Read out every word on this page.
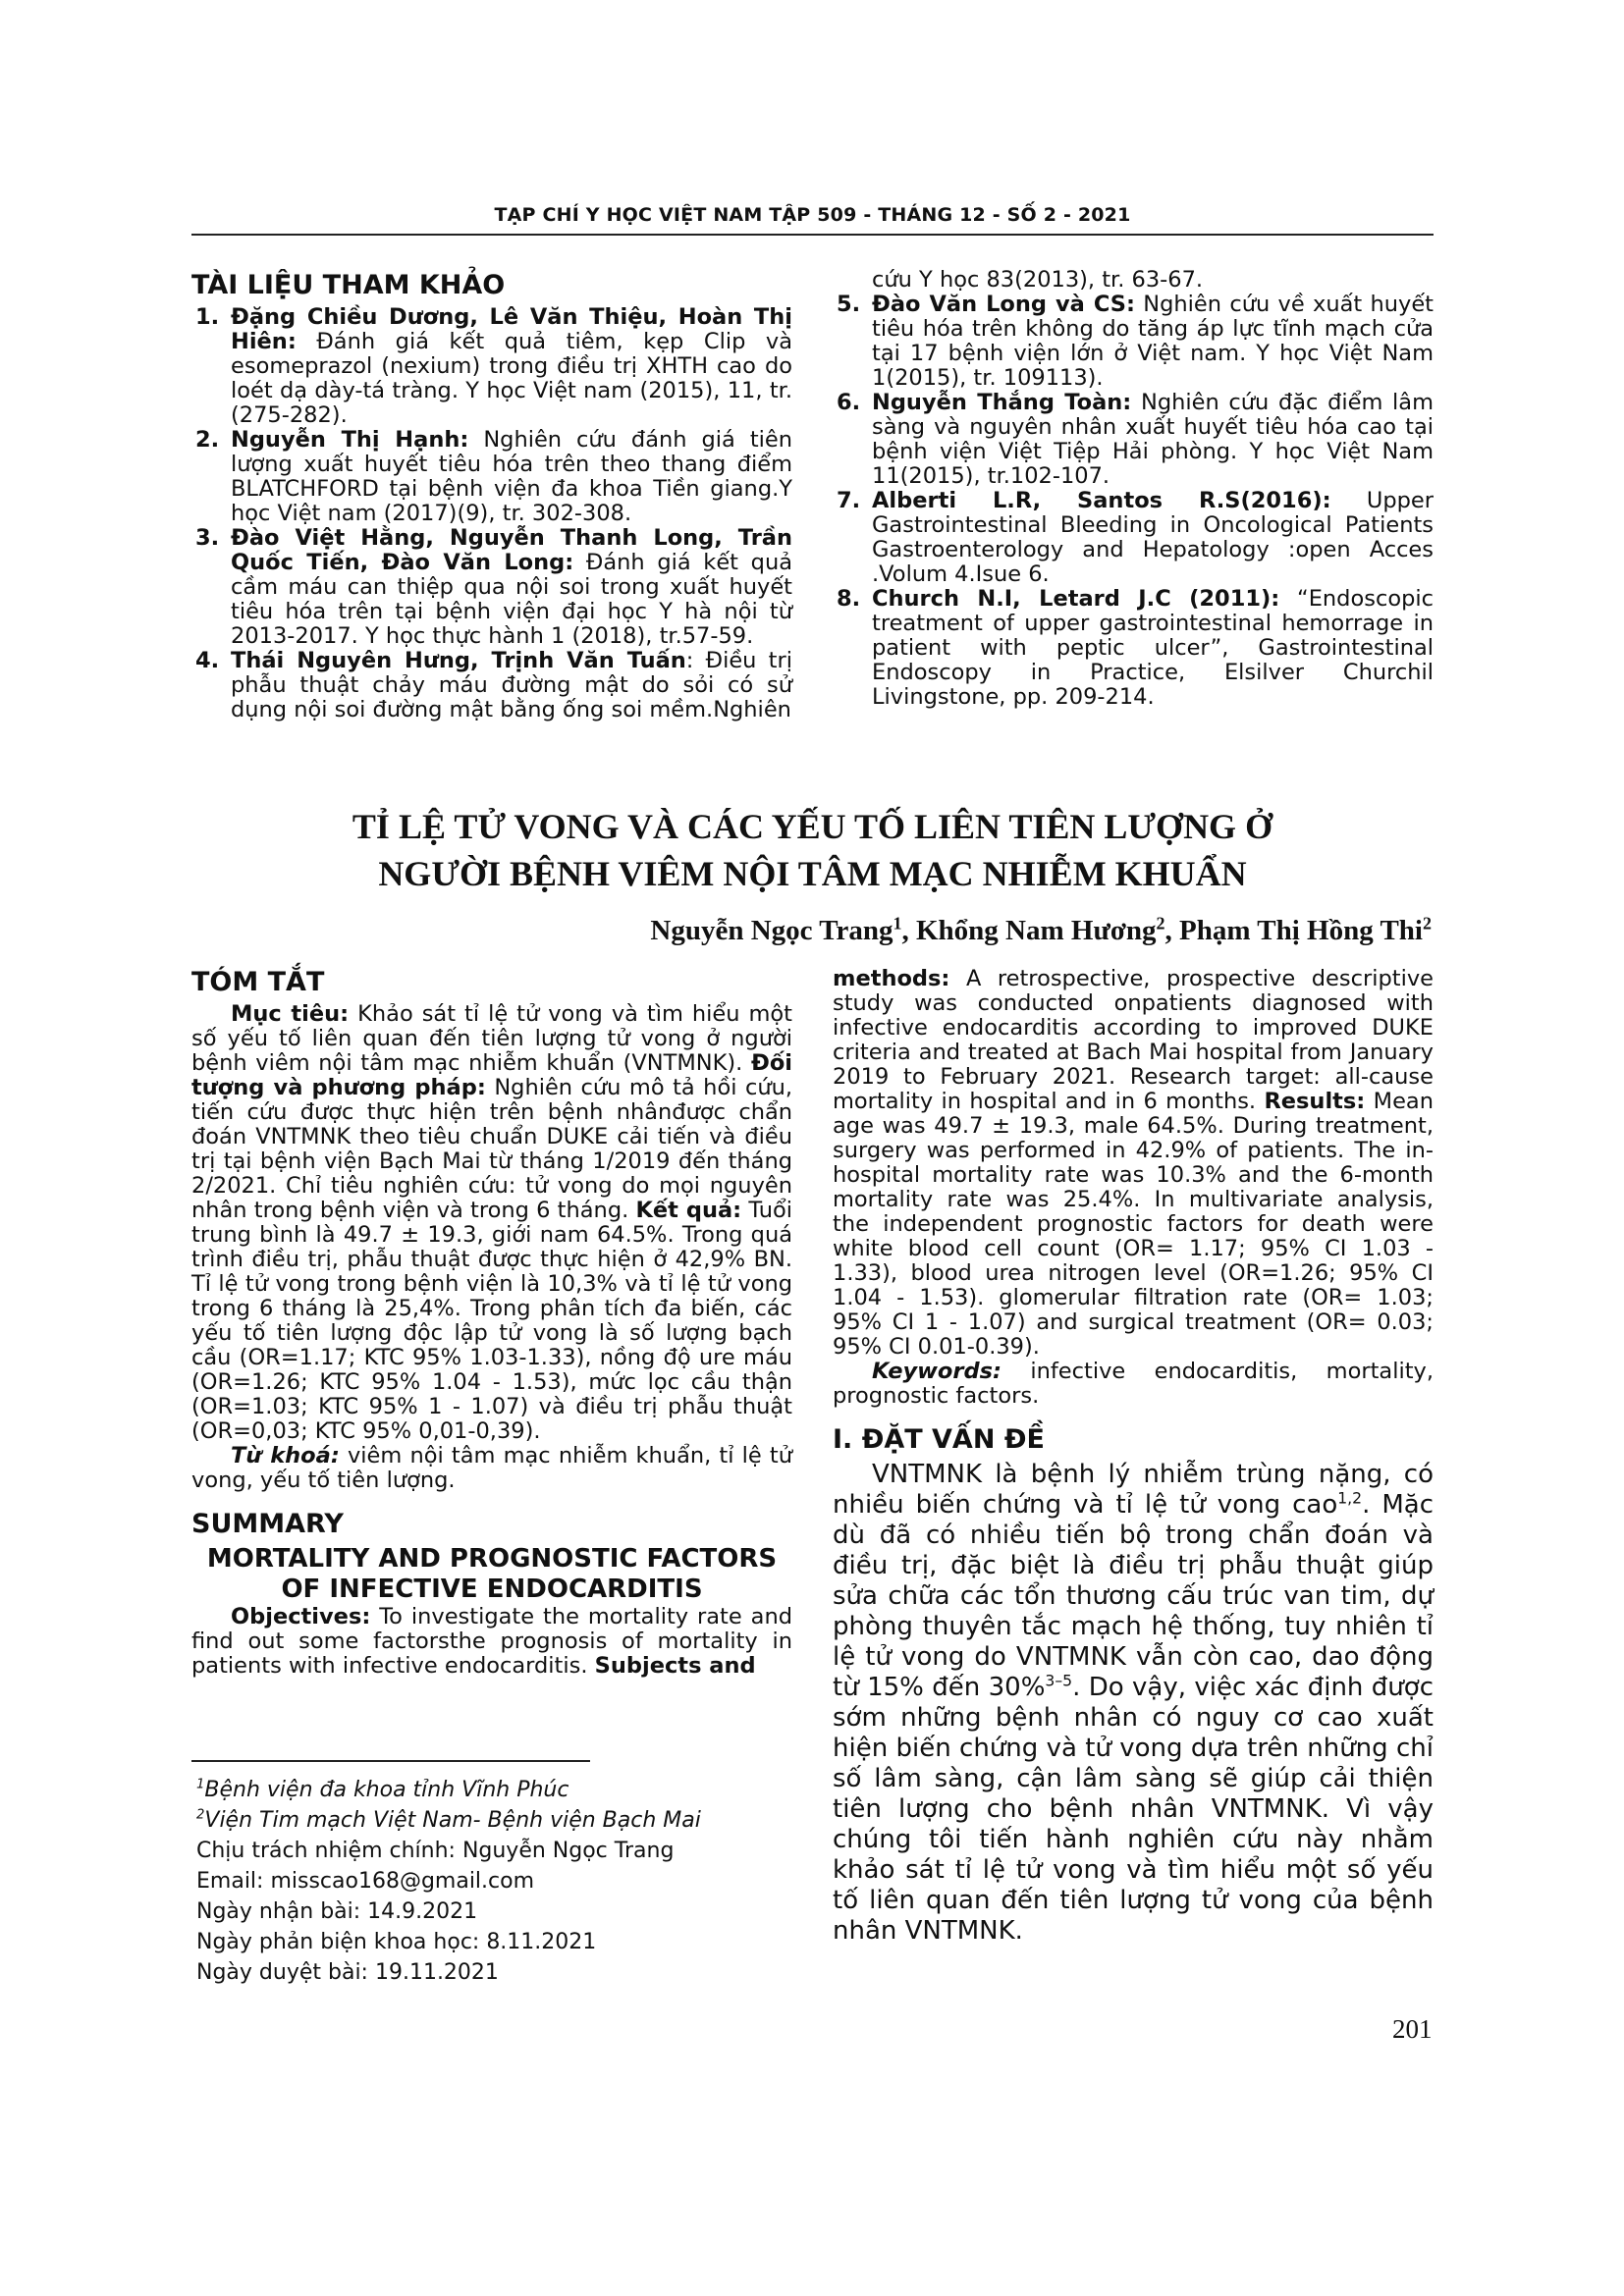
TẠP CHÍ Y HỌC VIỆT NAM TẬP 509 - THÁNG 12 - SỐ 2 - 2021
TÀI LIỆU THAM KHẢO
1. Đặng Chiều Dương, Lê Văn Thiệu, Hoàn Thị Hiên: Đánh giá kết quả tiêm, kẹp Clip và esomeprazol (nexium) trong điều trị XHTH cao do loét dạ dày-tá tràng. Y học Việt nam (2015), 11, tr. (275-282).
2. Nguyễn Thị Hạnh: Nghiên cứu đánh giá tiên lượng xuất huyết tiêu hóa trên theo thang điểm BLATCHFORD tại bệnh viện đa khoa Tiền giang.Y học Việt nam (2017)(9), tr. 302-308.
3. Đào Việt Hằng, Nguyễn Thanh Long, Trần Quốc Tiến, Đào Văn Long: Đánh giá kết quả cầm máu can thiệp qua nội soi trong xuất huyết tiêu hóa trên tại bệnh viện đại học Y hà nội từ 2013-2017. Y học thực hành 1 (2018), tr.57-59.
4. Thái Nguyên Hưng, Trịnh Văn Tuấn: Điều trị phẫu thuật chảy máu đường mật do sỏi có sử dụng nội soi đường mật bằng ống soi mềm.Nghiên

cứu Y học 83(2013), tr. 63-67.

5. Đào Văn Long và CS: Nghiên cứu về xuất huyết tiêu hóa trên không do tăng áp lực tĩnh mạch cửa tại 17 bệnh viện lớn ở Việt nam. Y học Việt Nam 1(2015), tr. 109113).
6. Nguyễn Thắng Toàn: Nghiên cứu đặc điểm lâm sàng và nguyên nhân xuất huyết tiêu hóa cao tại bệnh viện Việt Tiệp Hải phòng. Y học Việt Nam 11(2015), tr.102-107.
7. Alberti L.R, Santos R.S(2016): Upper Gastrointestinal Bleeding in Oncological Patients Gastroenterology and Hepatology :open Acces .Volum 4.Isue 6.
8. Church N.I, Letard J.C (2011): “Endoscopic treatment of upper gastrointestinal hemorrage in patient with peptic ulcer”, Gastrointestinal Endoscopy in Practice, Elsilver Churchil Livingstone, pp. 209-214.
TỈ LỆ TỬ VONG VÀ CÁC YẾU TỐ LIÊN TIÊN LƯỢNG Ở
NGƯỜI BỆNH VIÊM NỘI TÂM MẠC NHIỄM KHUẨN
Nguyễn Ngọc Trang$^1$, Khổng Nam Hương$^2$, Phạm Thị Hồng Thi$^2$
TÓM TẮT

Mục tiêu: Khảo sát tỉ lệ tử vong và tìm hiểu một số yếu tố liên quan đến tiên lượng tử vong ở người bệnh viêm nội tâm mạc nhiễm khuẩn (VNTMNK). Đối tượng và phương pháp: Nghiên cứu mô tả hồi cứu, tiến cứu được thực hiện trên bệnh nhânđược chẩn đoán VNTMNK theo tiêu chuẩn DUKE cải tiến và điều trị tại bệnh viện Bạch Mai từ tháng 1/2019 đến tháng 2/2021. Chỉ tiêu nghiên cứu: tử vong do mọi nguyên nhân trong bệnh viện và trong 6 tháng. Kết quả: Tuổi trung bình là 49.7 ± 19.3, giới nam 64.5%. Trong quá trình điều trị, phẫu thuật được thực hiện ở 42,9% BN. Tỉ lệ tử vong trong bệnh viện là 10,3% và tỉ lệ tử vong trong 6 tháng là 25,4%. Trong phân tích đa biến, các yếu tố tiên lượng độc lập tử vong là số lượng bạch cầu (OR=1.17; KTC 95% 1.03-1.33), nồng độ ure máu (OR=1.26; KTC 95% 1.04 - 1.53), mức lọc cầu thận (OR=1.03; KTC 95% 1 - 1.07) và điều trị phẫu thuật (OR=0,03; KTC 95% 0,01-0,39).

Từ khoá: viêm nội tâm mạc nhiễm khuẩn, tỉ lệ tử vong, yếu tố tiên lượng.

SUMMARY
MORTALITY AND PROGNOSTIC FACTORS
OF INFECTIVE ENDOCARDITIS

Objectives: To investigate the mortality rate and find out some factorsthe prognosis of mortality in patients with infective endocarditis. Subjects and

methods: A retrospective, prospective descriptive study was conducted onpatients diagnosed with infective endocarditis according to improved DUKE criteria and treated at Bach Mai hospital from January 2019 to February 2021. Research target: all-cause mortality in hospital and in 6 months. Results: Mean age was 49.7 ± 19.3, male 64.5%. During treatment, surgery was performed in 42.9% of patients. The in-hospital mortality rate was 10.3% and the 6-month mortality rate was 25.4%. In multivariate analysis, the independent prognostic factors for death were white blood cell count (OR= 1.17; 95% CI 1.03 - 1.33), blood urea nitrogen level (OR=1.26; 95% CI 1.04 - 1.53). glomerular filtration rate (OR= 1.03; 95% CI 1 - 1.07) and surgical treatment (OR= 0.03; 95% CI 0.01-0.39).

Keywords: infective endocarditis, mortality, prognostic factors.

I. ĐẶT VẤN ĐỀ

VNTMNK là bệnh lý nhiễm trùng nặng, có nhiều biến chứng và tỉ lệ tử vong cao$^{1,2}$. Mặc dù đã có nhiều tiến bộ trong chẩn đoán và điều trị, đặc biệt là điều trị phẫu thuật giúp sửa chữa các tổn thương cấu trúc van tim, dự phòng thuyên tắc mạch hệ thống, tuy nhiên tỉ lệ tử vong do VNTMNK vẫn còn cao, dao động từ 15% đến 30%$^{3-5}$. Do vậy, việc xác định được sớm những bệnh nhân có nguy cơ cao xuất hiện biến chứng và tử vong dựa trên những chỉ số lâm sàng, cận lâm sàng sẽ giúp cải thiện tiên lượng cho bệnh nhân VNTMNK. Vì vậy chúng tôi tiến hành nghiên cứu này nhằm khảo sát tỉ lệ tử vong và tìm hiểu một số yếu tố liên quan đến tiên lượng tử vong của bệnh nhân VNTMNK.

$^1$Bệnh viện đa khoa tỉnh Vĩnh Phúc
$^2$Viện Tim mạch Việt Nam- Bệnh viện Bạch Mai
Chịu trách nhiệm chính: Nguyễn Ngọc Trang
Email: misscao168@gmail.com
Ngày nhận bài: 14.9.2021
Ngày phản biện khoa học: 8.11.2021
Ngày duyệt bài: 19.11.2021
201
